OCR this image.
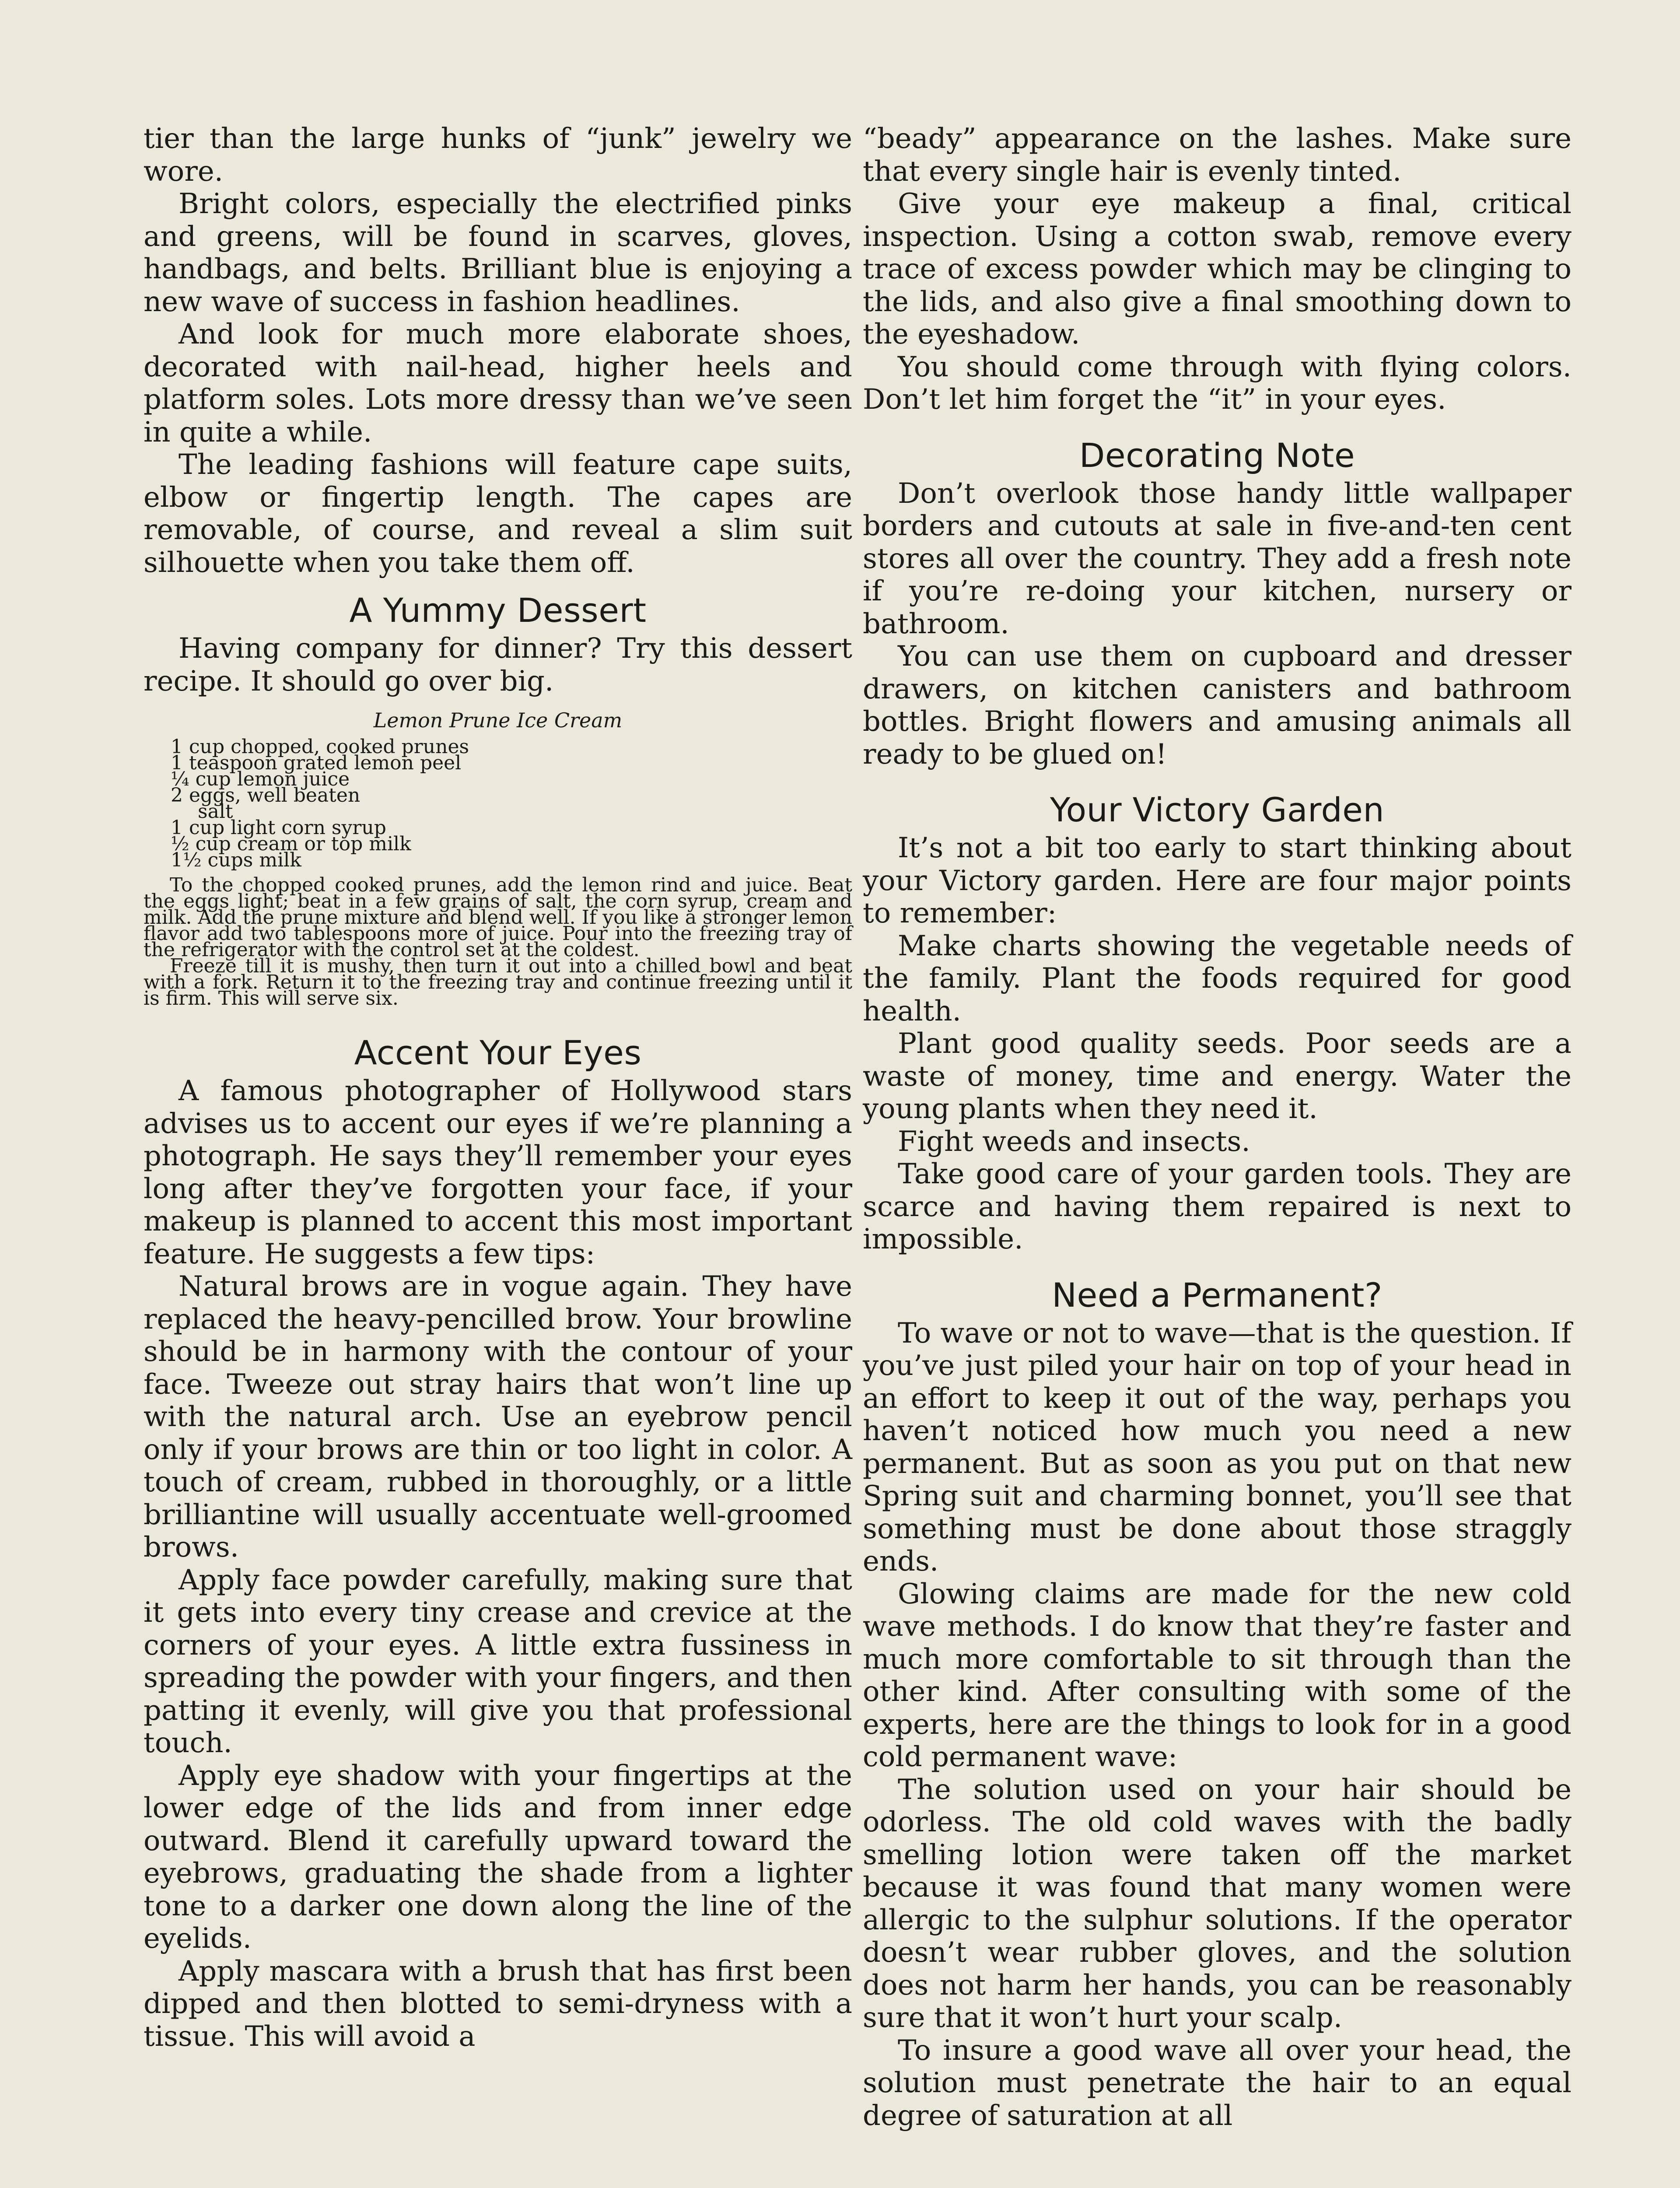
tier than the large hunks of “junk” jewelry we wore.

Bright colors, especially the electrified pinks and greens, will be found in scarves, gloves, handbags, and belts. Brilliant blue is enjoying a new wave of success in fashion headlines.

And look for much more elaborate shoes, decorated with nail-head, higher heels and platform soles. Lots more dressy than we’ve seen in quite a while.

The leading fashions will feature cape suits, elbow or fingertip length. The capes are removable, of course, and reveal a slim suit silhouette when you take them off.

A Yummy Dessert

Having company for dinner? Try this dessert recipe. It should go over big.

Lemon Prune Ice Cream
1 cup chopped, cooked prunes
1 teaspoon grated lemon peel
¼ cup lemon juice
2 eggs, well beaten
salt
1 cup light corn syrup
½ cup cream or top milk
1½ cups milk

To the chopped cooked prunes, add the lemon rind and juice. Beat the eggs light; beat in a few grains of salt, the corn syrup, cream and milk. Add the prune mixture and blend well. If you like a stronger lemon flavor add two tablespoons more of juice. Pour into the freezing tray of the refrigerator with the control set at the coldest.

Freeze till it is mushy, then turn it out into a chilled bowl and beat with a fork. Return it to the freezing tray and continue freezing until it is firm. This will serve six.

Accent Your Eyes

A famous photographer of Hollywood stars advises us to accent our eyes if we’re planning a photograph. He says they’ll remember your eyes long after they’ve forgotten your face, if your makeup is planned to accent this most important feature. He suggests a few tips:

Natural brows are in vogue again. They have replaced the heavy-pencilled brow. Your browline should be in harmony with the contour of your face. Tweeze out stray hairs that won’t line up with the natural arch. Use an eyebrow pencil only if your brows are thin or too light in color. A touch of cream, rubbed in thoroughly, or a little brilliantine will usually accentuate well-groomed brows.

Apply face powder carefully, making sure that it gets into every tiny crease and crevice at the corners of your eyes. A little extra fussiness in spreading the powder with your fingers, and then patting it evenly, will give you that professional touch.

Apply eye shadow with your fingertips at the lower edge of the lids and from inner edge outward. Blend it carefully upward toward the eyebrows, graduating the shade from a lighter tone to a darker one down along the line of the eyelids.

Apply mascara with a brush that has first been dipped and then blotted to semi-dryness with a tissue. This will avoid a

“beady” appearance on the lashes. Make sure that every single hair is evenly tinted.

Give your eye makeup a final, critical inspection. Using a cotton swab, remove every trace of excess powder which may be clinging to the lids, and also give a final smoothing down to the eyeshadow.

You should come through with flying colors. Don’t let him forget the “it” in your eyes.

Decorating Note

Don’t overlook those handy little wallpaper borders and cutouts at sale in five-and-ten cent stores all over the country. They add a fresh note if you’re re-doing your kitchen, nursery or bathroom.

You can use them on cupboard and dresser drawers, on kitchen canisters and bathroom bottles. Bright flowers and amusing animals all ready to be glued on!

Your Victory Garden

It’s not a bit too early to start thinking about your Victory garden. Here are four major points to remember:

Make charts showing the vegetable needs of the family. Plant the foods required for good health.

Plant good quality seeds. Poor seeds are a waste of money, time and energy. Water the young plants when they need it.

Fight weeds and insects.

Take good care of your garden tools. They are scarce and having them repaired is next to impossible.

Need a Permanent?

To wave or not to wave—that is the question. If you’ve just piled your hair on top of your head in an effort to keep it out of the way, perhaps you haven’t noticed how much you need a new permanent. But as soon as you put on that new Spring suit and charming bonnet, you’ll see that something must be done about those straggly ends.

Glowing claims are made for the new cold wave methods. I do know that they’re faster and much more comfortable to sit through than the other kind. After consulting with some of the experts, here are the things to look for in a good cold permanent wave:

The solution used on your hair should be odorless. The old cold waves with the badly smelling lotion were taken off the market because it was found that many women were allergic to the sulphur solutions. If the operator doesn’t wear rubber gloves, and the solution does not harm her hands, you can be reasonably sure that it won’t hurt your scalp.

To insure a good wave all over your head, the solution must penetrate the hair to an equal degree of saturation at all
